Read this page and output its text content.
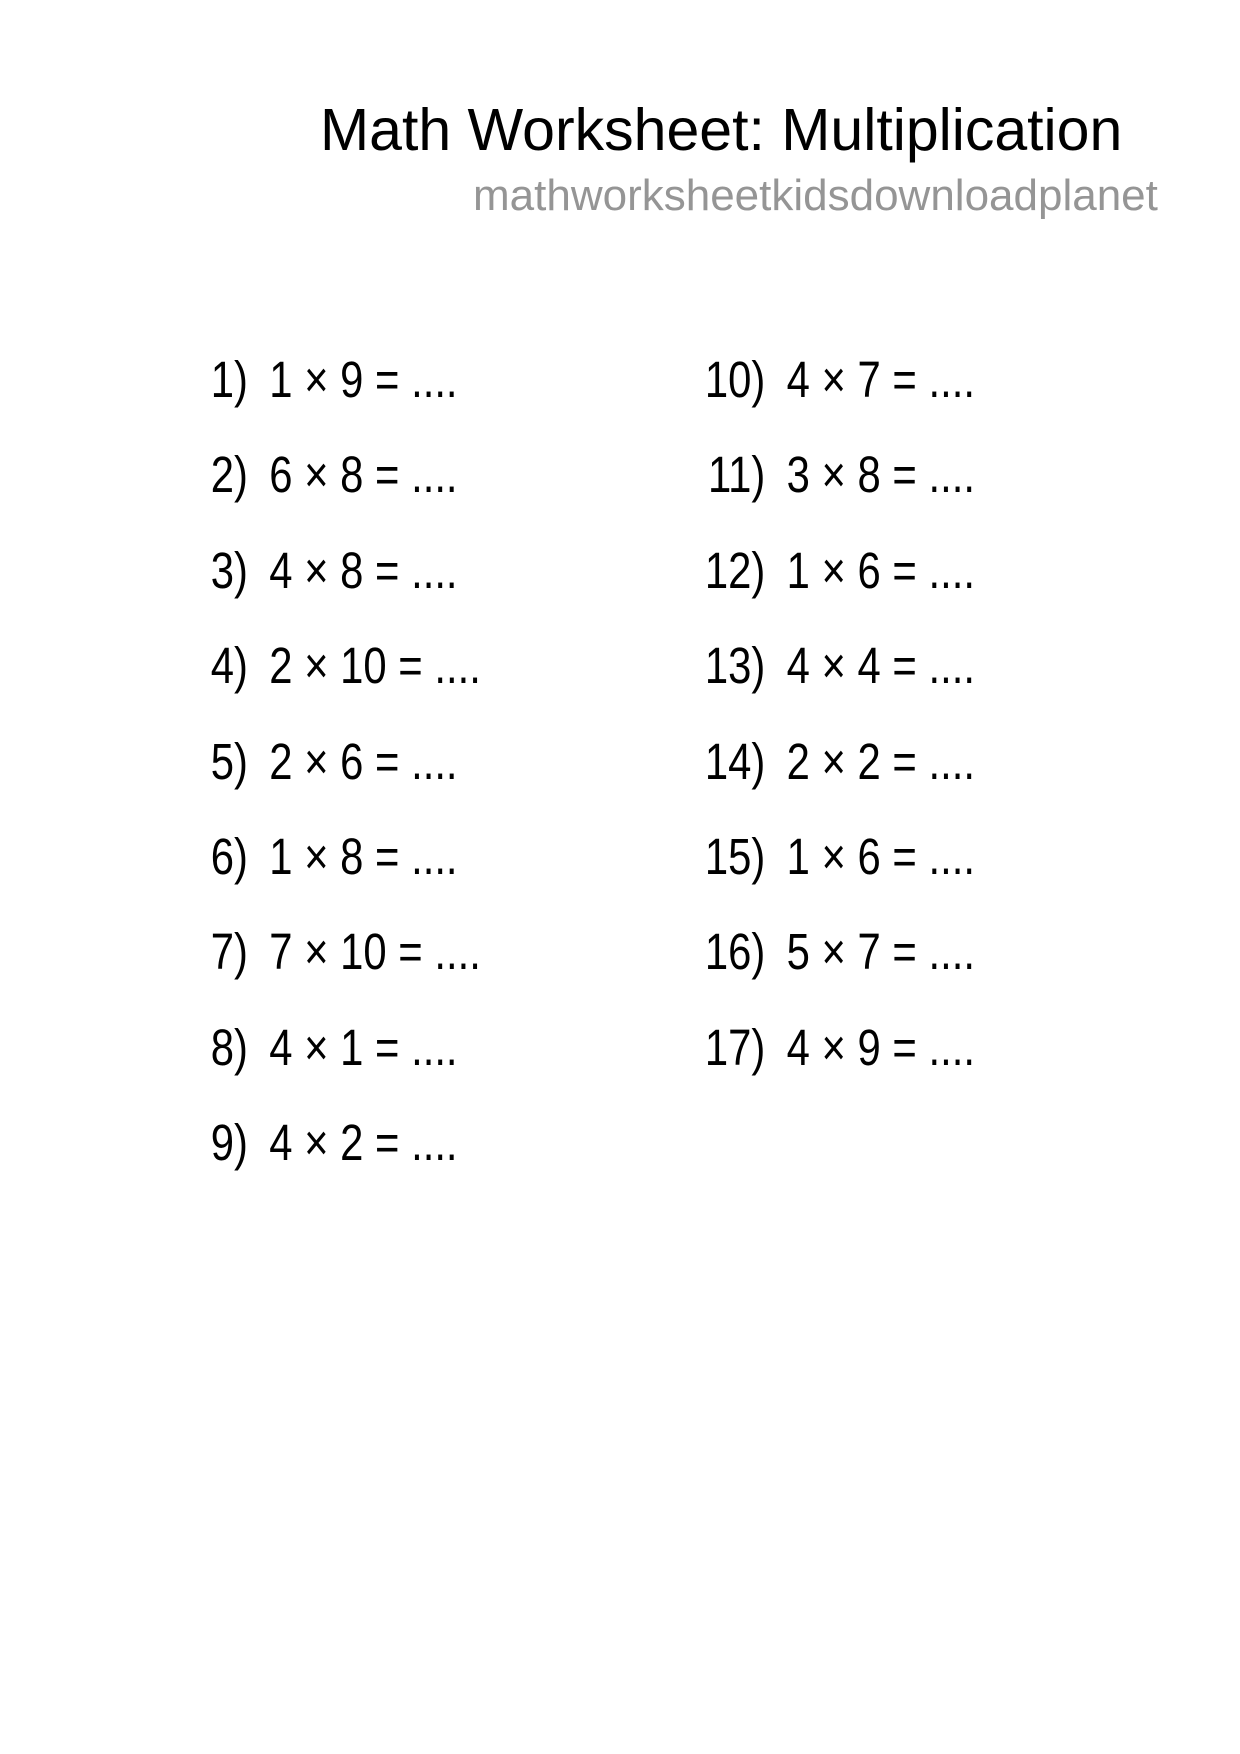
Math Worksheet: Multiplication
mathworksheetkidsdownloadplanet
1) 1 × 9 = ....
2) 6 × 8 = ....
3) 4 × 8 = ....
4) 2 × 10 = ....
5) 2 × 6 = ....
6) 1 × 8 = ....
7) 7 × 10 = ....
8) 4 × 1 = ....
9) 4 × 2 = ....
10) 4 × 7 = ....
11) 3 × 8 = ....
12) 1 × 6 = ....
13) 4 × 4 = ....
14) 2 × 2 = ....
15) 1 × 6 = ....
16) 5 × 7 = ....
17) 4 × 9 = ....
